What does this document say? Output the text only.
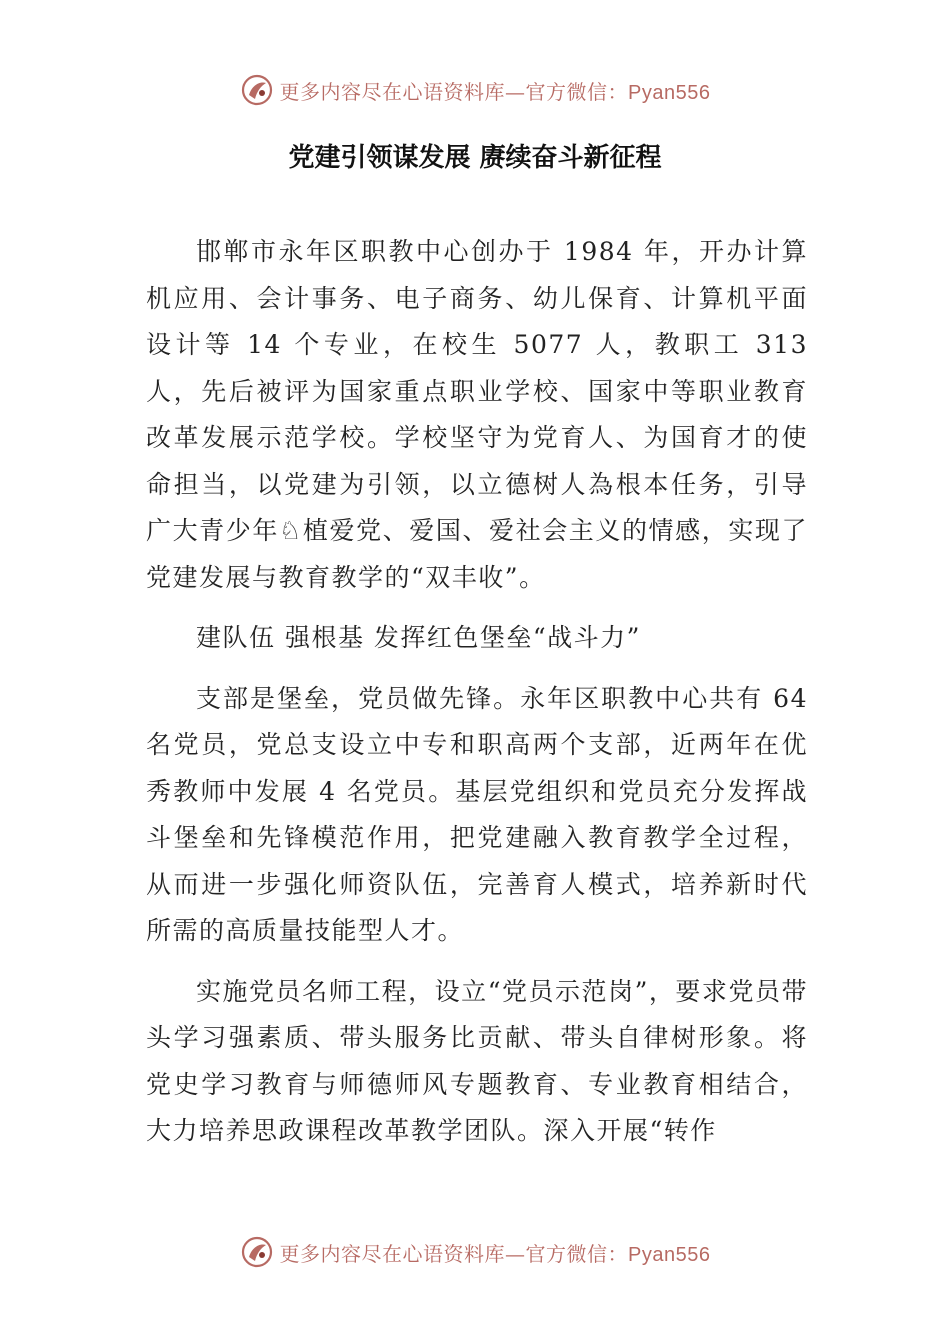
更多内容尽在心语资料库—官方微信：Pyan556
党建引领谋发展 赓续奋斗新征程

邯郸市永年区职教中心创办于 1984 年，开办计算机应用、会计事务、电子商务、幼儿保育、计算机平面设计等 14 个专业，在校生 5077 人，教职工 313 人，先后被评为国家重点职业学校、国家中等职业教育改革发展示范学校。学校坚守为党育人、为国育才的使命担当，以党建为引领，以立德树人為根本任务，引导广大青少年♘植爱党、爱国、爱社会主义的情感，实现了党建发展与教育教学的“双丰收”。

建队伍 强根基 发挥红色堡垒“战斗力”

支部是堡垒，党员做先锋。永年区职教中心共有 64 名党员，党总支设立中专和职高两个支部，近两年在优秀教师中发展 4 名党员。基层党组织和党员充分发挥战斗堡垒和先锋模范作用，把党建融入教育教学全过程，从而进一步强化师资队伍，完善育人模式，培养新时代所需的高质量技能型人才。

实施党员名师工程，设立“党员示范岗”，要求党员带头学习强素质、带头服务比贡献、带头自律树形象。将党史学习教育与师德师风专题教育、专业教育相结合，大力培养思政课程改革教学团队。深入开展“转作

更多内容尽在心语资料库—官方微信：Pyan556
